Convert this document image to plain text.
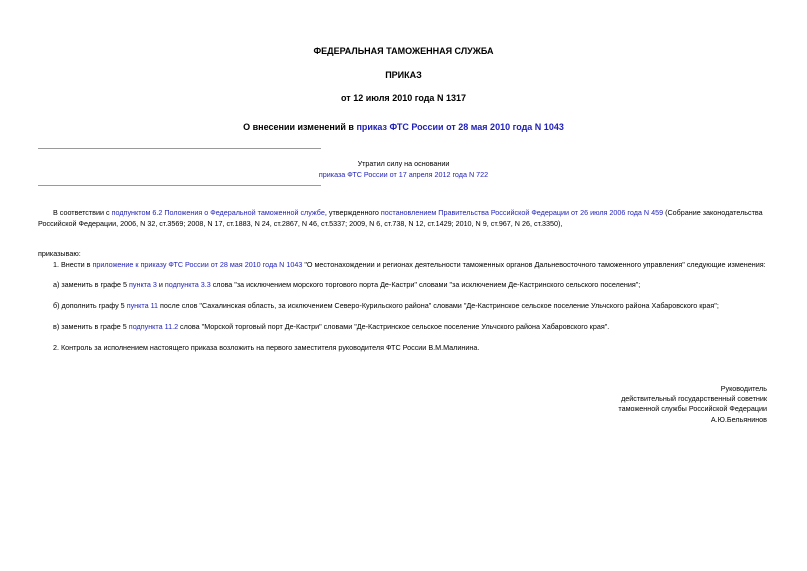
ФЕДЕРАЛЬНАЯ ТАМОЖЕННАЯ СЛУЖБА
ПРИКАЗ
от 12 июля 2010 года N 1317
О внесении изменений в приказ ФТС России от 28 мая 2010 года N 1043
Утратил силу на основании
приказа ФТС России от 17 апреля 2012 года N 722
В соответствии с подпунктом 6.2 Положения о Федеральной таможенной службе, утвержденного постановлением Правительства Российской Федерации от 26 июля 2006 года N 459 (Собрание законодательства Российской Федерации, 2006, N 32, ст.3569; 2008, N 17, ст.1883, N 24, ст.2867, N 46, ст.5337; 2009, N 6, ст.738, N 12, ст.1429; 2010, N 9, ст.967, N 26, ст.3350),
приказываю:
1. Внести в приложение к приказу ФТС России от 28 мая 2010 года N 1043 "О местонахождении и регионах деятельности таможенных органов Дальневосточного таможенного управления" следующие изменения:
а) заменить в графе 5 пункта 3 и подпункта 3.3 слова "за исключением морского торгового порта Де-Кастри" словами "за исключением Де-Кастринского сельского поселения";
б) дополнить графу 5 пункта 11 после слов "Сахалинская область, за исключением Северо-Курильского района" словами "Де-Кастринское сельское поселение Ульчского района Хабаровского края";
в) заменить в графе 5 подпункта 11.2 слова "Морской торговый порт Де-Кастри" словами "Де-Кастринское сельское поселение Ульчского района Хабаровского края".
2. Контроль за исполнением настоящего приказа возложить на первого заместителя руководителя ФТС России В.М.Малинина.
Руководитель
действительный государственный советник
таможенной службы Российской Федерации
А.Ю.Бельянинов
